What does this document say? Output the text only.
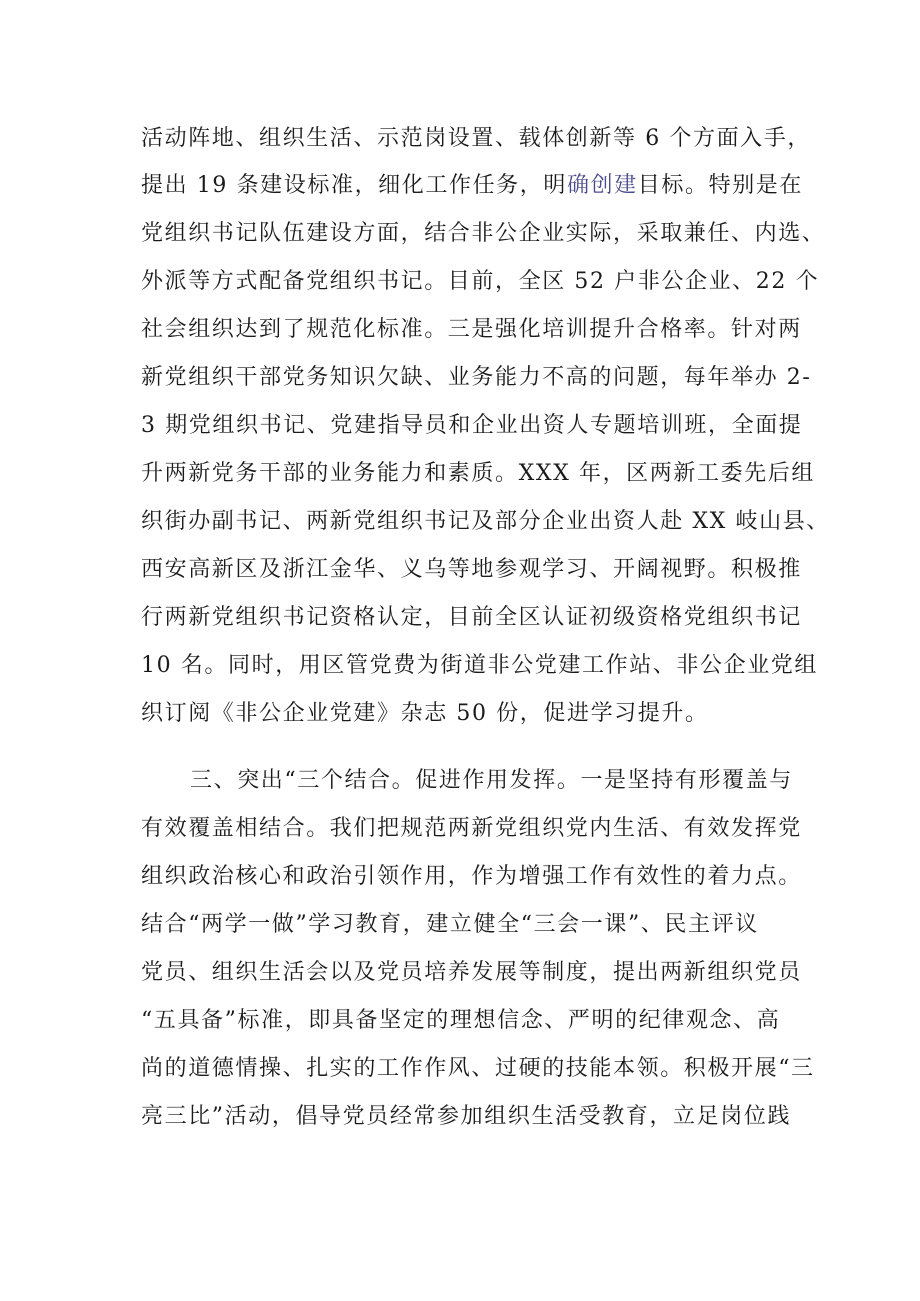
活动阵地、组织生活、示范岗设置、载体创新等 6 个方面入手，
提出 19 条建设标准，细化工作任务，明确创建目标。特别是在
党组织书记队伍建设方面，结合非公企业实际，采取兼任、内选、
外派等方式配备党组织书记。目前，全区 52 户非公企业、22 个
社会组织达到了规范化标准。三是强化培训提升合格率。针对两
新党组织干部党务知识欠缺、业务能力不高的问题，每年举办 2-
3 期党组织书记、党建指导员和企业出资人专题培训班，全面提
升两新党务干部的业务能力和素质。XXX 年，区两新工委先后组
织街办副书记、两新党组织书记及部分企业出资人赴 XX 岐山县、
西安高新区及浙江金华、义乌等地参观学习、开阔视野。积极推
行两新党组织书记资格认定，目前全区认证初级资格党组织书记
10 名。同时，用区管党费为街道非公党建工作站、非公企业党组
织订阅《非公企业党建》杂志 50 份，促进学习提升。
三、突出“三个结合。促进作用发挥。一是坚持有形覆盖与
有效覆盖相结合。我们把规范两新党组织党内生活、有效发挥党
组织政治核心和政治引领作用，作为增强工作有效性的着力点。
结合“两学一做”学习教育，建立健全“三会一课”、民主评议
党员、组织生活会以及党员培养发展等制度，提出两新组织党员
“五具备”标准，即具备坚定的理想信念、严明的纪律观念、高
尚的道德情操、扎实的工作作风、过硬的技能本领。积极开展“三
亮三比”活动，倡导党员经常参加组织生活受教育，立足岗位践
